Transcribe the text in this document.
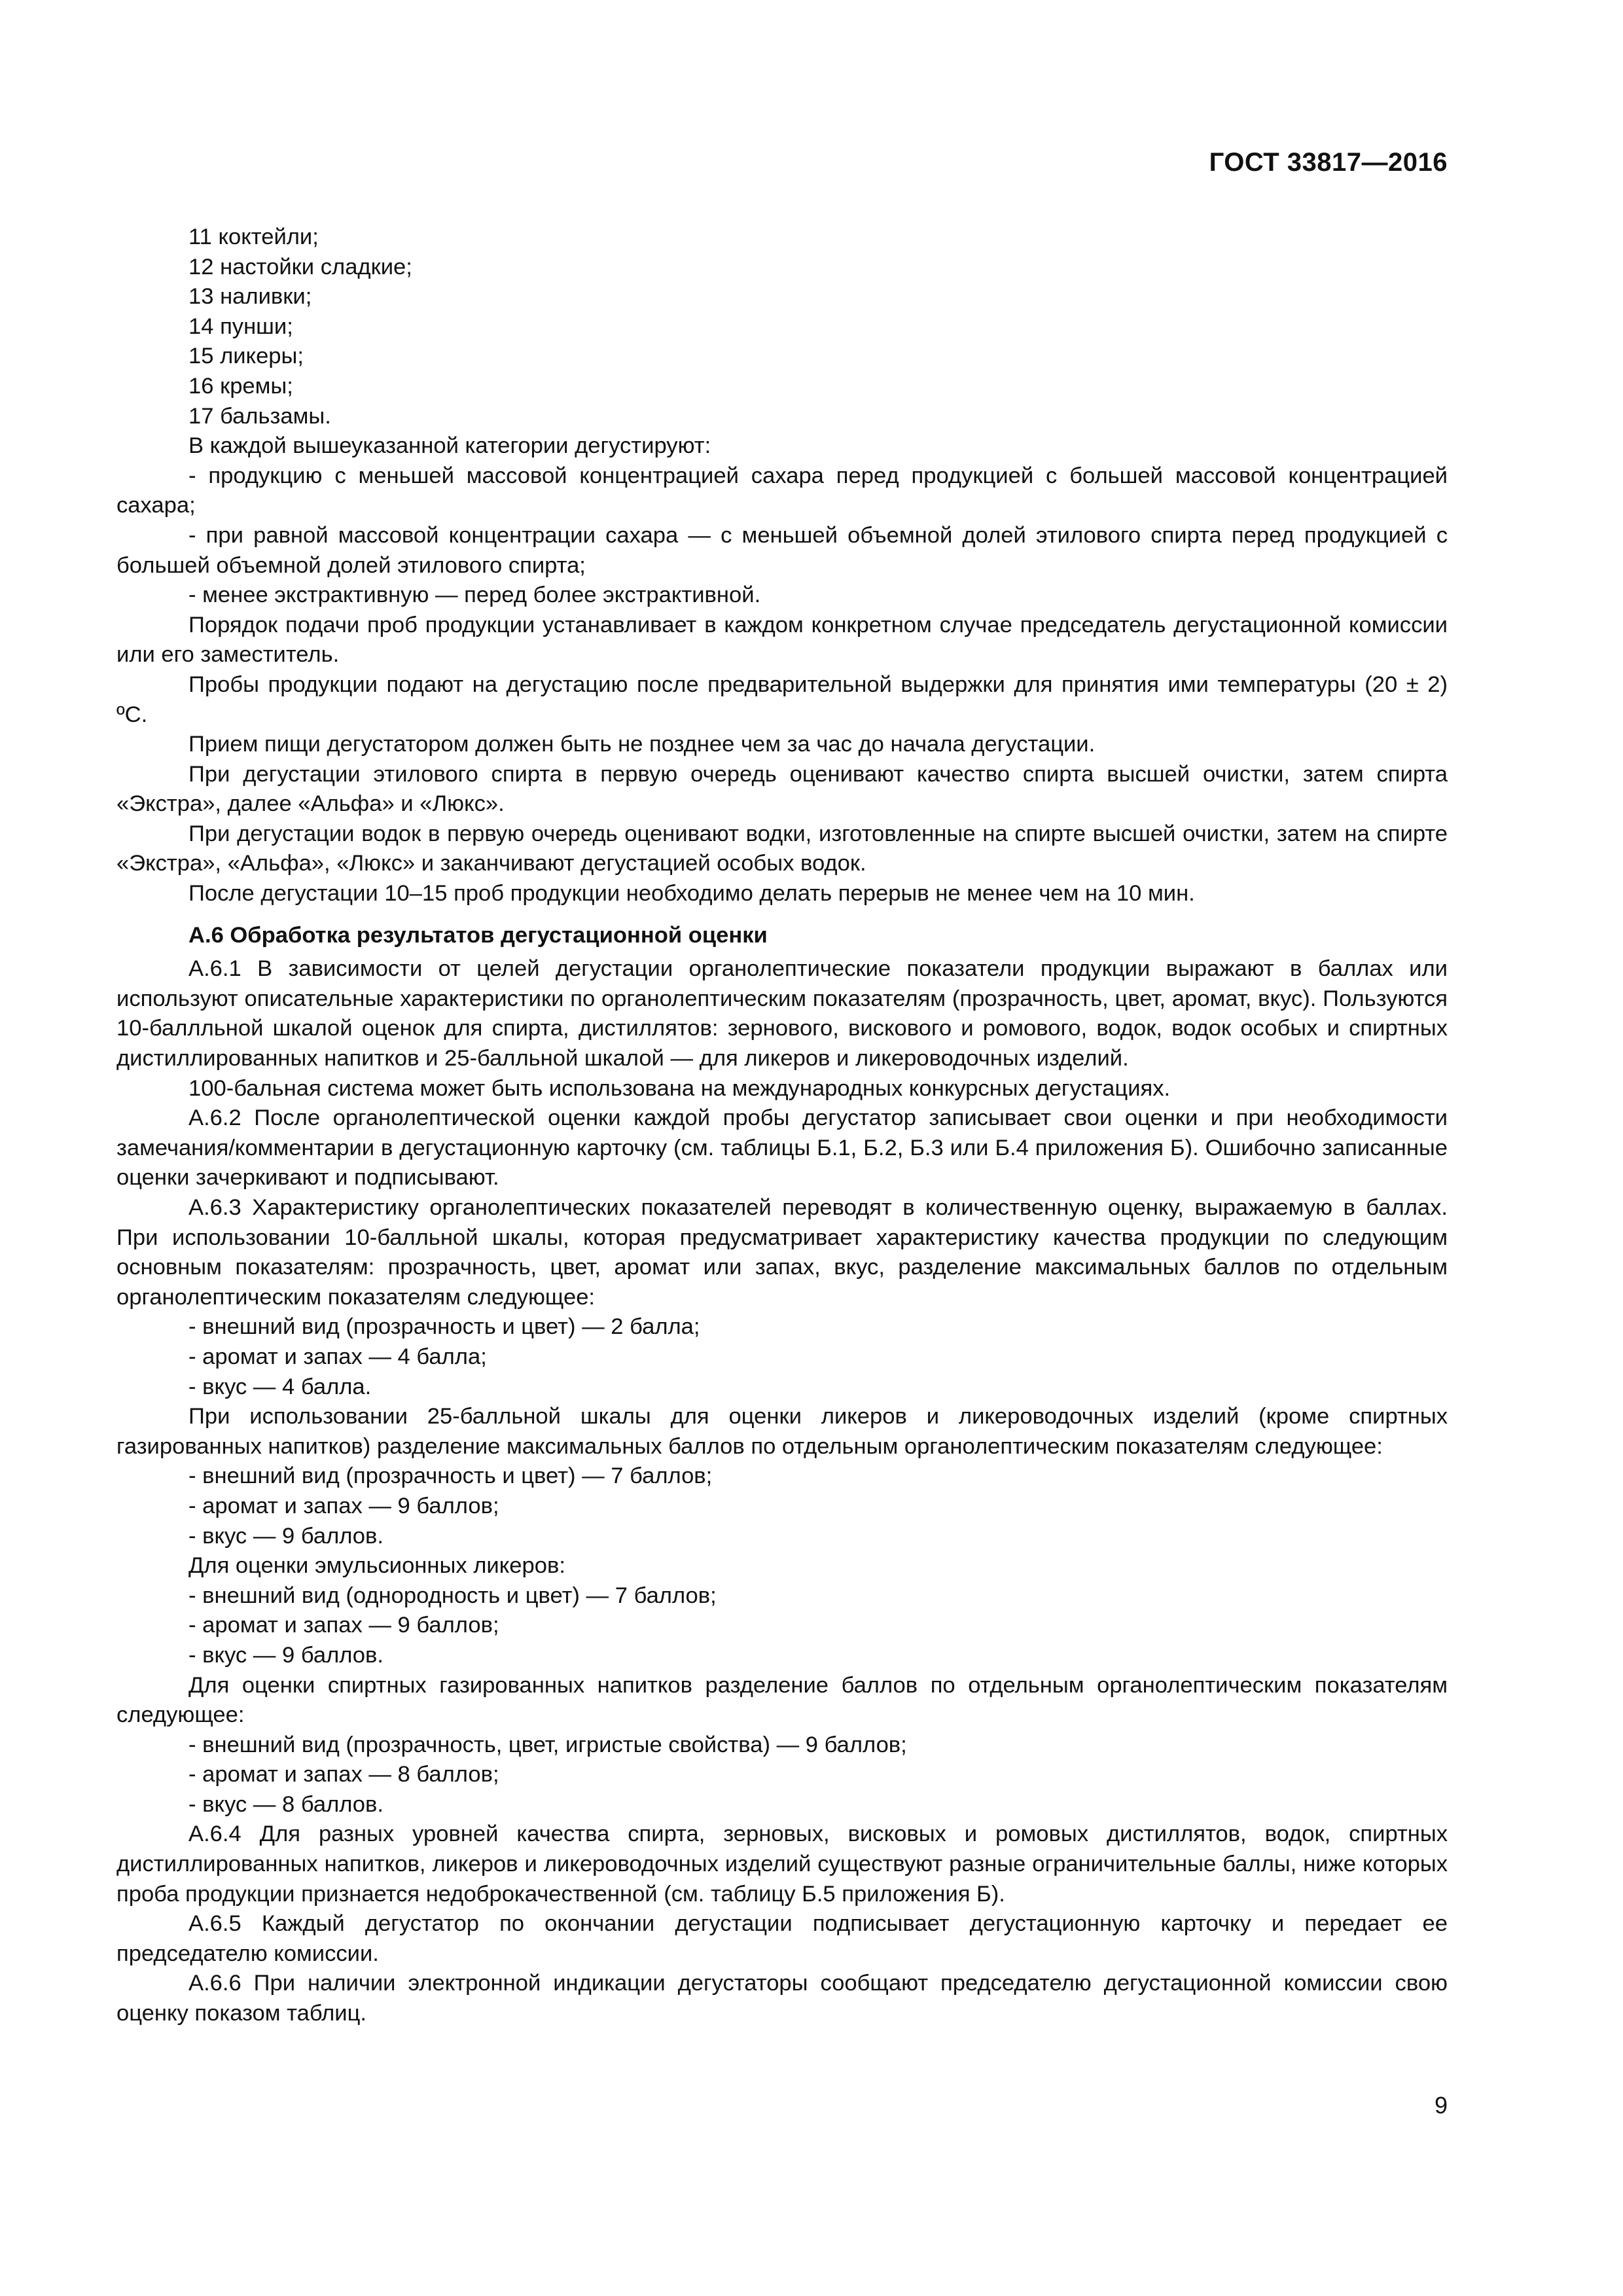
ГОСТ 33817—2016

11 коктейли;

12 настойки сладкие;

13 наливки;

14 пунши;

15 ликеры;

16 кремы;

17 бальзамы.

В каждой вышеуказанной категории дегустируют:

- продукцию с меньшей массовой концентрацией сахара перед продукцией с большей массовой концентрацией сахара;

- при равной массовой концентрации сахара — с меньшей объемной долей этилового спирта перед продукцией с большей объемной долей этилового спирта;

- менее экстрактивную — перед более экстрактивной.

Порядок подачи проб продукции устанавливает в каждом конкретном случае председатель дегустационной комиссии или его заместитель.

Пробы продукции подают на дегустацию после предварительной выдержки для принятия ими температуры (20 ± 2) ºС.

Прием пищи дегустатором должен быть не позднее чем за час до начала дегустации.

При дегустации этилового спирта в первую очередь оценивают качество спирта высшей очистки, затем спирта «Экстра», далее «Альфа» и «Люкс».

При дегустации водок в первую очередь оценивают водки, изготовленные на спирте высшей очистки, затем на спирте «Экстра», «Альфа», «Люкс» и заканчивают дегустацией особых водок.

После дегустации 10–15 проб продукции необходимо делать перерыв не менее чем на 10 мин.

А.6 Обработка результатов дегустационной оценки

А.6.1 В зависимости от целей дегустации органолептические показатели продукции выражают в баллах или используют описательные характеристики по органолептическим показателям (прозрачность, цвет, аромат, вкус). Пользуются 10-баллльной шкалой оценок для спирта, дистиллятов: зернового, вискового и ромового, водок, водок особых и спиртных дистиллированных напитков и 25-балльной шкалой — для ликеров и ликероводочных изделий.

100-бальная система может быть использована на международных конкурсных дегустациях.

А.6.2 После органолептической оценки каждой пробы дегустатор записывает свои оценки и при необходимости замечания/комментарии в дегустационную карточку (см. таблицы Б.1, Б.2, Б.3 или Б.4 приложения Б). Ошибочно записанные оценки зачеркивают и подписывают.

А.6.3 Характеристику органолептических показателей переводят в количественную оценку, выражаемую в баллах. При использовании 10-балльной шкалы, которая предусматривает характеристику качества продукции по следующим основным показателям: прозрачность, цвет, аромат или запах, вкус, разделение максимальных баллов по отдельным органолептическим показателям следующее:

- внешний вид (прозрачность и цвет) — 2 балла;

- аромат и запах — 4 балла;

- вкус — 4 балла.

При использовании 25-балльной шкалы для оценки ликеров и ликероводочных изделий (кроме спиртных газированных напитков) разделение максимальных баллов по отдельным органолептическим показателям следующее:

- внешний вид (прозрачность и цвет) — 7 баллов;

- аромат и запах — 9 баллов;

- вкус — 9 баллов.

Для оценки эмульсионных ликеров:

- внешний вид (однородность и цвет) — 7 баллов;

- аромат и запах — 9 баллов;

- вкус — 9 баллов.

Для оценки спиртных газированных напитков разделение баллов по отдельным органолептическим показателям следующее:

- внешний вид (прозрачность, цвет, игристые свойства) — 9 баллов;

- аромат и запах — 8 баллов;

- вкус — 8 баллов.

А.6.4 Для разных уровней качества спирта, зерновых, висковых и ромовых дистиллятов, водок, спиртных дистиллированных напитков, ликеров и ликероводочных изделий существуют разные ограничительные баллы, ниже которых проба продукции признается недоброкачественной (см. таблицу Б.5 приложения Б).

А.6.5 Каждый дегустатор по окончании дегустации подписывает дегустационную карточку и передает ее председателю комиссии.

А.6.6 При наличии электронной индикации дегустаторы сообщают председателю дегустационной комиссии свою оценку показом таблиц.

9
